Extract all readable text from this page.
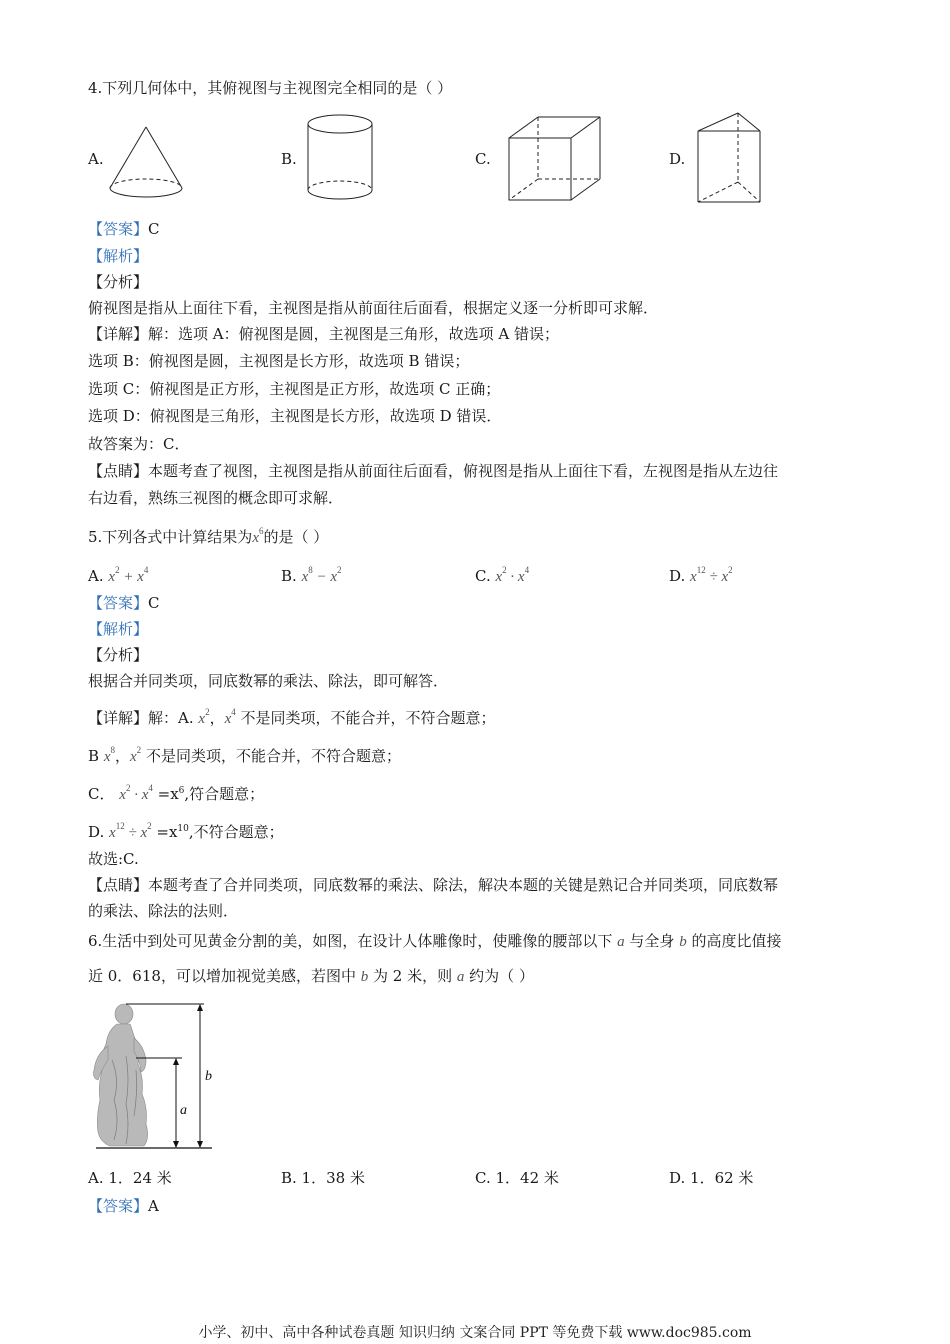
4.下列几何体中，其俯视图与主视图完全相同的是（ ）
A.	B.	C.	D.
【答案】C
【解析】
【分析】
俯视图是指从上面往下看，主视图是指从前面往后面看，根据定义逐一分析即可求解．
【详解】解：选项 A：俯视图是圆，主视图是三角形，故选项 A 错误；
选项 B：俯视图是圆，主视图是长方形，故选项 B 错误；
选项 C：俯视图是正方形，主视图是正方形，故选项 C 正确；
选项 D：俯视图是三角形，主视图是长方形，故选项 D 错误．
故答案为：C．
【点睛】本题考查了视图，主视图是指从前面往后面看，俯视图是指从上面往下看，左视图是指从左边往
右边看，熟练三视图的概念即可求解．
5.下列各式中计算结果为$x^6$的是（ ）
A. $x^2 + x^4$	B. $x^8 - x^2$	C. $x^2 \cdot x^4$	D. $x^{12} \div x^2$
【答案】C
【解析】
【分析】
根据合并同类项，同底数幂的乘法、除法，即可解答．
【详解】解：A. $x^2$，$x^4$ 不是同类项，不能合并，不符合题意；
B $x^8$，$x^2$ 不是同类项，不能合并，不符合题意；
C． $x^2 \cdot x^4 =x^6$,符合题意；
D. $x^{12} \div x^2 =x^{10}$,不符合题意；
故选:C.
【点睛】本题考查了合并同类项，同底数幂的乘法、除法，解决本题的关键是熟记合并同类项，同底数幂
的乘法、除法的法则．
6.生活中到处可见黄金分割的美，如图，在设计人体雕像时，使雕像的腰部以下 a 与全身 b 的高度比值接
近 0．618，可以增加视觉美感，若图中 b 为 2 米，则 a 约为（ ）
b
a
A. 1．24 米	B. 1．38 米	C. 1．42 米	D. 1．62 米
【答案】A
小学、初中、高中各种试卷真题 知识归纳 文案合同 PPT 等免费下载 www.doc985.com
